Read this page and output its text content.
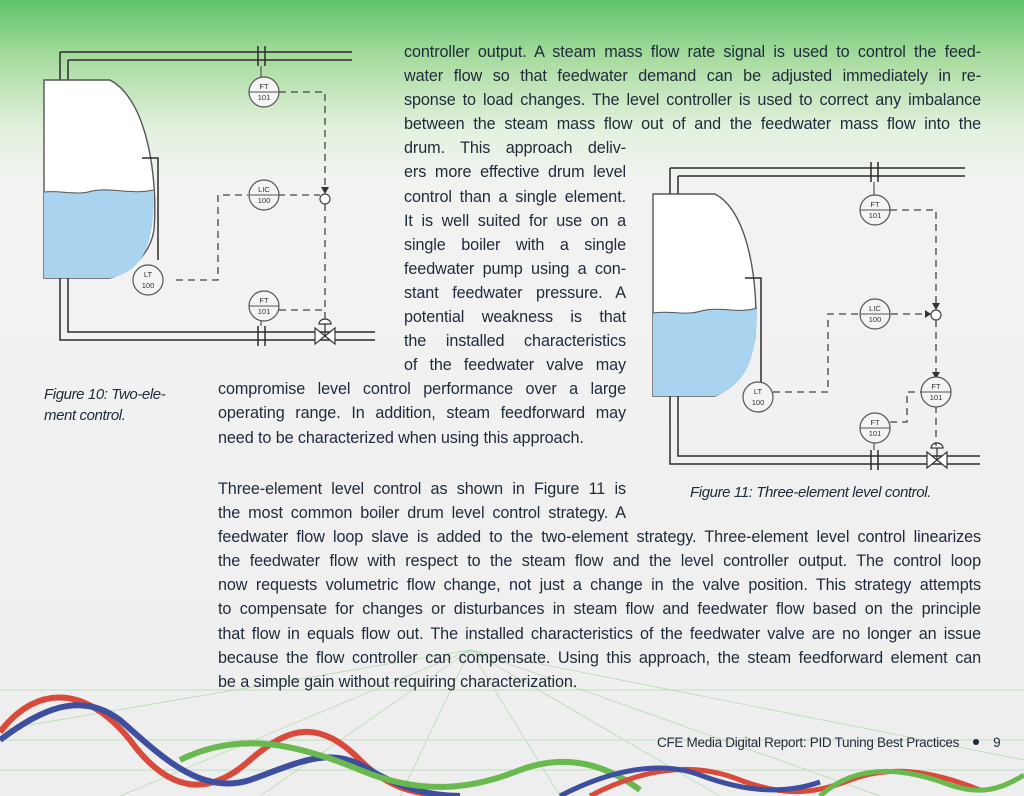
FT
101
LIC
100
LT
100
FT
101

Figure 10: Two-ele-
ment control.

FT
101
LIC
100
FT
101
LT
100
FT
101

Figure 11: Three-element level control.

controller output. A steam mass flow rate signal is used to control the feed-
water flow so that feedwater demand can be adjusted immediately in re-
sponse to load changes. The level controller is used to correct any imbalance
between the steam mass flow out of and the feedwater mass flow into the
drum. This approach deliv-
ers more effective drum level
control than a single element.
It is well suited for use on a
single boiler with a single
feedwater pump using a con-
stant feedwater pressure. A
potential weakness is that
the installed characteristics
of the feedwater valve may
compromise level control performance over a large
operating range. In addition, steam feedforward may
need to be characterized when using this approach.
Three-element level control as shown in Figure 11 is
the most common boiler drum level control strategy. A
feedwater flow loop slave is added to the two-element strategy. Three-element level control linearizes
the feedwater flow with respect to the steam flow and the level controller output. The control loop
now requests volumetric flow change, not just a change in the valve position. This strategy attempts
to compensate for changes or disturbances in steam flow and feedwater flow based on the principle
that flow in equals flow out. The installed characteristics of the feedwater valve are no longer an issue
because the flow controller can compensate. Using this approach, the steam feedforward element can
be a simple gain without requiring characterization.
CFE Media Digital Report: PID Tuning Best Practices	9
